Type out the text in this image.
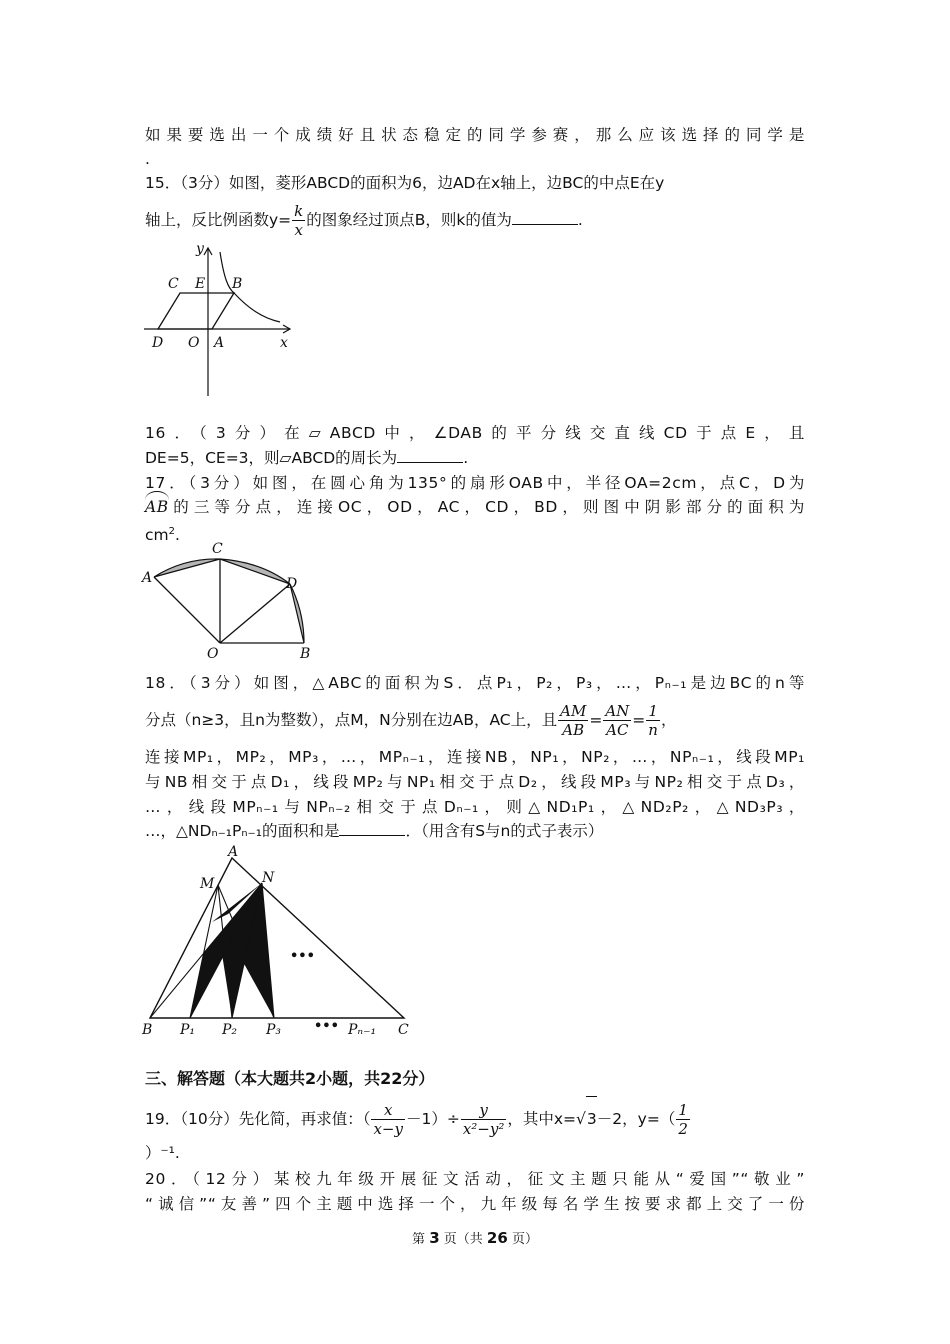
如果要选出一个成绩好且状态稳定的同学参赛，那么应该选择的同学是
.
15．（3分）如图，菱形ABCD的面积为6，边AD在x轴上，边BC的中点E在y
轴上，反比例函数$y= \frac{k}{x}$ 的图象经过顶点B，则k的值为	.
y
C E B
D O A	x
16．（3分）在▱ABCD中，∠DAB的平分线交直线CD于点E，且
DE=5，CE=3，则▱ABCD的周长为	.
17．（3分）如图，在圆心角为135°的扇形OAB中，半径OA=2cm，点C，D为
AB的三等分点，连接OC，OD，AC，CD，BD，则图中阴影部分的面积为
$cm^2$.
C
A	D
O	B
18．（3分）如图，△ABC的面积为S．点P₁，P₂，P₃，…，Pₙ₋₁是边BC的n等
分点（n≥3，且n为整数），点M，N分别在边AB，AC上，且 $\frac{AM}{AB} = \frac{AN}{AC} = \frac{1}{n}$ ，
连接MP₁，MP₂，MP₃，…，MPₙ₋₁，连接NB，NP₁，NP₂，…，NPₙ₋₁，线段MP₁
与NB相交于点D₁，线段MP₂与NP₁相交于点D₂，线段MP₃与NP₂相交于点D₃，
…，线段MPₙ₋₁与NPₙ₋₂相交于点Dₙ₋₁，则△ND₁P₁，△ND₂P₂，△ND₃P₃，
…，△NDₙ₋₁Pₙ₋₁的面积和是	．（用含有S与n的式子表示）
•••
•••
A
M	N
B P₁ P₂ P₃	Pₙ₋₁ C
三、解答题（本大题共2小题，共22分）
19．（10分）先化简，再求值：（ $\frac{x}{x-y} -1)\div \frac{y}{\text{x²−y²}}$ ，其中x=√3－2，$y=( \frac{1}{2}$
）⁻¹.
20．（12分）某校九年级开展征文活动，征文主题只能从“爱国”“敬业”
“诚信”“友善”四个主题中选择一个，九年级每名学生按要求都上交了一份
第 3 页（共 26 页）
